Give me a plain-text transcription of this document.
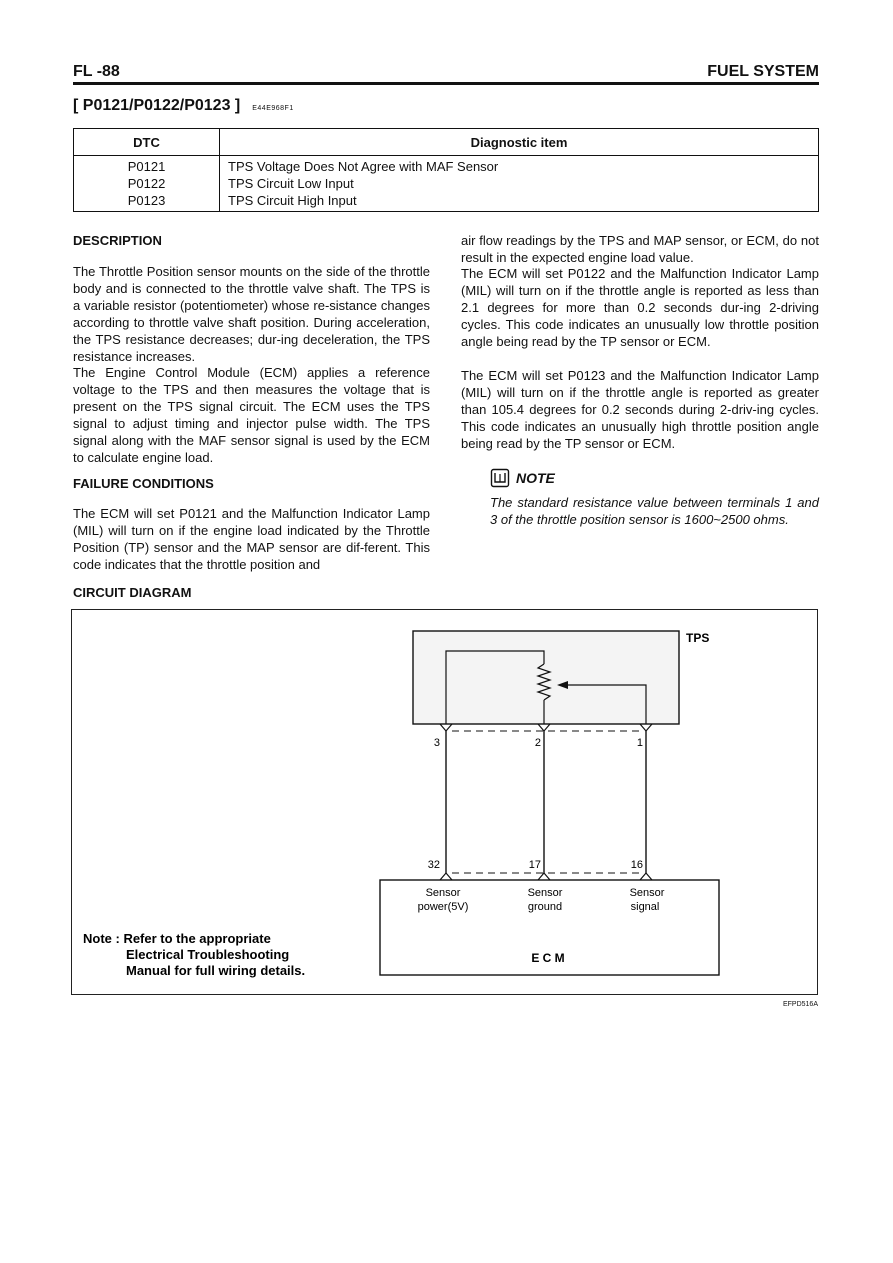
FL -88	FUEL SYSTEM
[ P0121/P0122/P0123 ] E44E968F1
DTC	Diagnostic item
P0121	TPS Voltage Does Not Agree with MAF Sensor
P0122	TPS Circuit Low Input
P0123	TPS Circuit High Input
DESCRIPTION
The Throttle Position sensor mounts on the side of the throttle body and is connected to the throttle valve shaft. The TPS is a variable resistor (potentiometer) whose re-sistance changes according to throttle valve shaft position. During acceleration, the TPS resistance decreases; dur-ing deceleration, the TPS resistance increases.
The Engine Control Module (ECM) applies a reference voltage to the TPS and then measures the voltage that is present on the TPS signal circuit. The ECM uses the TPS signal to adjust timing and injector pulse width. The TPS signal along with the MAF sensor signal is used by the ECM to calculate engine load.
FAILURE CONDITIONS
The ECM will set P0121 and the Malfunction Indicator Lamp (MIL) will turn on if the engine load indicated by the Throttle Position (TP) sensor and the MAP sensor are dif-ferent. This code indicates that the throttle position and
air flow readings by the TPS and MAP sensor, or ECM, do not result in the expected engine load value.
The ECM will set P0122 and the Malfunction Indicator Lamp (MIL) will turn on if the throttle angle is reported as less than 2.1 degrees for more than 0.2 seconds dur-ing 2-driving cycles. This code indicates an unusually low throttle position angle being read by the TP sensor or ECM.
The ECM will set P0123 and the Malfunction Indicator Lamp (MIL) will turn on if the throttle angle is reported as greater than 105.4 degrees for 0.2 seconds during 2-driv-ing cycles. This code indicates an unusually high throttle position angle being read by the TP sensor or ECM.
NOTE
The standard resistance value between terminals 1 and 3 of the throttle position sensor is 1600~2500 ohms.
CIRCUIT DIAGRAM
TPS
3	2	1
32	17	16
Sensor
power(5V)
Sensor
ground
Sensor
signal
E C M
Note : Refer to the appropriate
Electrical Troubleshooting
Manual for full wiring details.
EFPD516A
